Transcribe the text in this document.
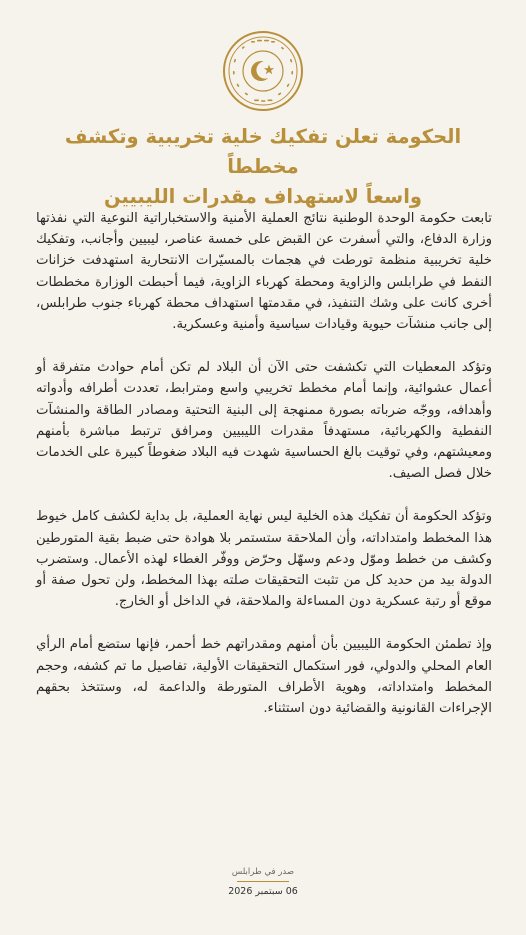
الحكومة تعلن تفكيك خلية تخريبية وتكشف مخططاً
واسعاً لاستهداف مقدرات الليبيين

تابعت حكومة الوحدة الوطنية نتائج العملية الأمنية والاستخباراتية النوعية التي نفذتها وزارة الدفاع، والتي أسفرت عن القبض على خمسة عناصر، ليبيين وأجانب، وتفكيك خلية تخريبية منظمة تورطت في هجمات بالمسيّرات الانتحارية استهدفت خزانات النفط في طرابلس والزاوية ومحطة كهرباء الزاوية، فيما أحبطت الوزارة مخططات أخرى كانت على وشك التنفيذ، في مقدمتها استهداف محطة كهرباء جنوب طرابلس، إلى جانب منشآت حيوية وقيادات سياسية وأمنية وعسكرية.

وتؤكد المعطيات التي تكشفت حتى الآن أن البلاد لم تكن أمام حوادث متفرقة أو أعمال عشوائية، وإنما أمام مخطط تخريبي واسع ومترابط، تعددت أطرافه وأدواته وأهدافه، ووجّه ضرباته بصورة ممنهجة إلى البنية التحتية ومصادر الطاقة والمنشآت النفطية والكهربائية، مستهدفاً مقدرات الليبيين ومرافق ترتبط مباشرة بأمنهم ومعيشتهم، وفي توقيت بالغ الحساسية شهدت فيه البلاد ضغوطاً كبيرة على الخدمات خلال فصل الصيف.

وتؤكد الحكومة أن تفكيك هذه الخلية ليس نهاية العملية، بل بداية لكشف كامل خيوط هذا المخطط وامتداداته، وأن الملاحقة ستستمر بلا هوادة حتى ضبط بقية المتورطين وكشف من خطط وموّل ودعم وسهّل وحرّض ووفّر الغطاء لهذه الأعمال. وستضرب الدولة بيد من حديد كل من تثبت التحقيقات صلته بهذا المخطط، ولن تحول صفة أو موقع أو رتبة عسكرية دون المساءلة والملاحقة، في الداخل أو الخارج.

وإذ تطمئن الحكومة الليبيين بأن أمنهم ومقدراتهم خط أحمر، فإنها ستضع أمام الرأي العام المحلي والدولي، فور استكمال التحقيقات الأولية، تفاصيل ما تم كشفه، وحجم المخطط وامتداداته، وهوية الأطراف المتورطة والداعمة له، وستتخذ بحقهم الإجراءات القانونية والقضائية دون استثناء.

صدر في طرابلس
06 سبتمبر 2026
